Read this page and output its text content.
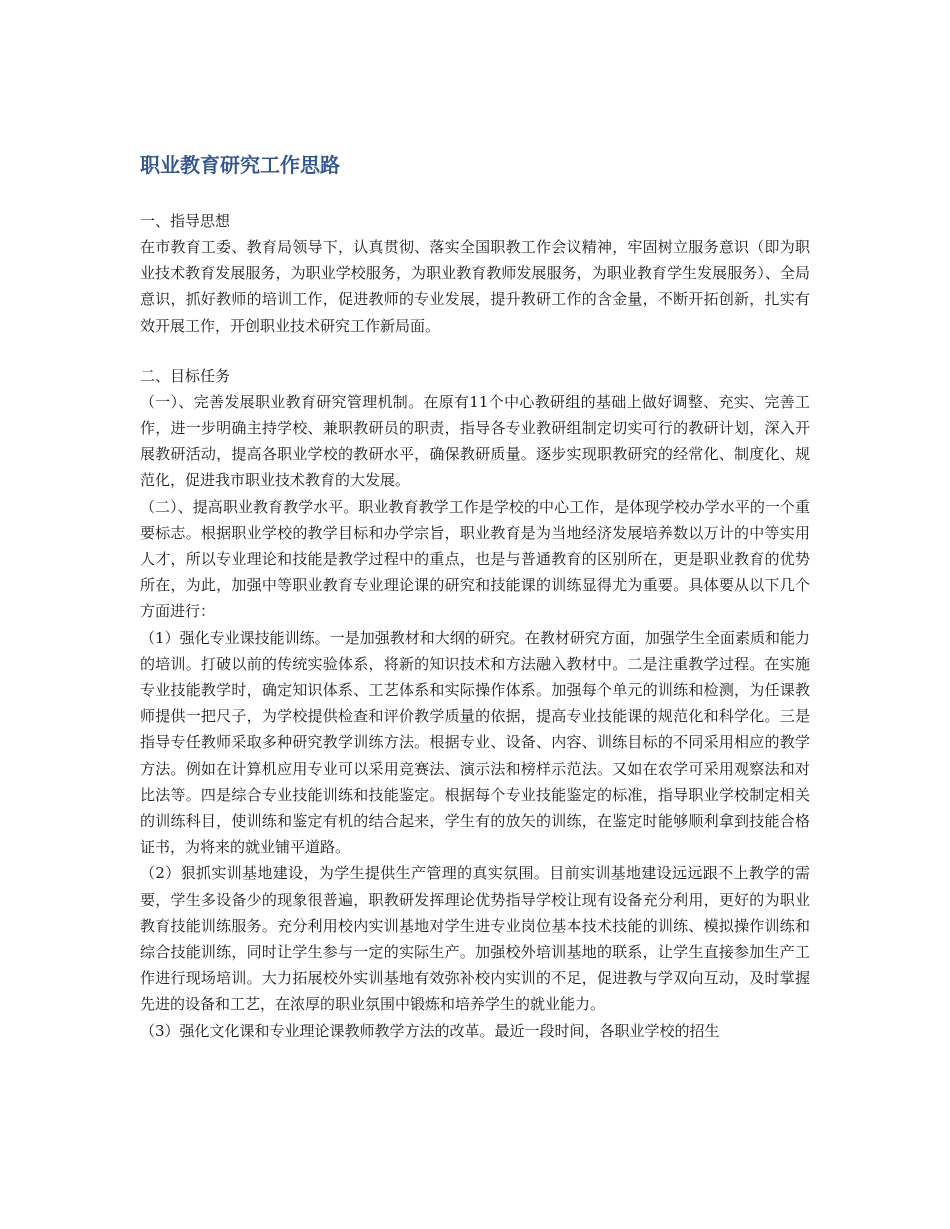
职业教育研究工作思路

一、指导思想

在市教育工委、教育局领导下，认真贯彻、落实全国职教工作会议精神，牢固树立服务意识（即为职业技术教育发展服务，为职业学校服务，为职业教育教师发展服务，为职业教育学生发展服务）、全局意识，抓好教师的培训工作，促进教师的专业发展，提升教研工作的含金量，不断开拓创新，扎实有效开展工作，开创职业技术研究工作新局面。

二、目标任务

（一）、完善发展职业教育研究管理机制。在原有11个中心教研组的基础上做好调整、充实、完善工作，进一步明确主持学校、兼职教研员的职责，指导各专业教研组制定切实可行的教研计划，深入开展教研活动，提高各职业学校的教研水平，确保教研质量。逐步实现职教研究的经常化、制度化、规范化，促进我市职业技术教育的大发展。

（二）、提高职业教育教学水平。职业教育教学工作是学校的中心工作，是体现学校办学水平的一个重要标志。根据职业学校的教学目标和办学宗旨，职业教育是为当地经济发展培养数以万计的中等实用人才，所以专业理论和技能是教学过程中的重点，也是与普通教育的区别所在，更是职业教育的优势所在，为此，加强中等职业教育专业理论课的研究和技能课的训练显得尤为重要。具体要从以下几个方面进行：

（1）强化专业课技能训练。一是加强教材和大纲的研究。在教材研究方面，加强学生全面素质和能力的培训。打破以前的传统实验体系，将新的知识技术和方法融入教材中。二是注重教学过程。在实施专业技能教学时，确定知识体系、工艺体系和实际操作体系。加强每个单元的训练和检测，为任课教师提供一把尺子，为学校提供检查和评价教学质量的依据，提高专业技能课的规范化和科学化。三是指导专任教师采取多种研究教学训练方法。根据专业、设备、内容、训练目标的不同采用相应的教学方法。例如在计算机应用专业可以采用竞赛法、演示法和榜样示范法。又如在农学可采用观察法和对比法等。四是综合专业技能训练和技能鉴定。根据每个专业技能鉴定的标准，指导职业学校制定相关的训练科目，使训练和鉴定有机的结合起来，学生有的放矢的训练，在鉴定时能够顺利拿到技能合格证书，为将来的就业铺平道路。

（2）狠抓实训基地建设，为学生提供生产管理的真实氛围。目前实训基地建设远远跟不上教学的需要，学生多设备少的现象很普遍，职教研发挥理论优势指导学校让现有设备充分利用，更好的为职业教育技能训练服务。充分利用校内实训基地对学生进专业岗位基本技术技能的训练、模拟操作训练和综合技能训练，同时让学生参与一定的实际生产。加强校外培训基地的联系，让学生直接参加生产工作进行现场培训。大力拓展校外实训基地有效弥补校内实训的不足，促进教与学双向互动，及时掌握先进的设备和工艺，在浓厚的职业氛围中锻炼和培养学生的就业能力。

（3）强化文化课和专业理论课教师教学方法的改革。最近一段时间，各职业学校的招生
